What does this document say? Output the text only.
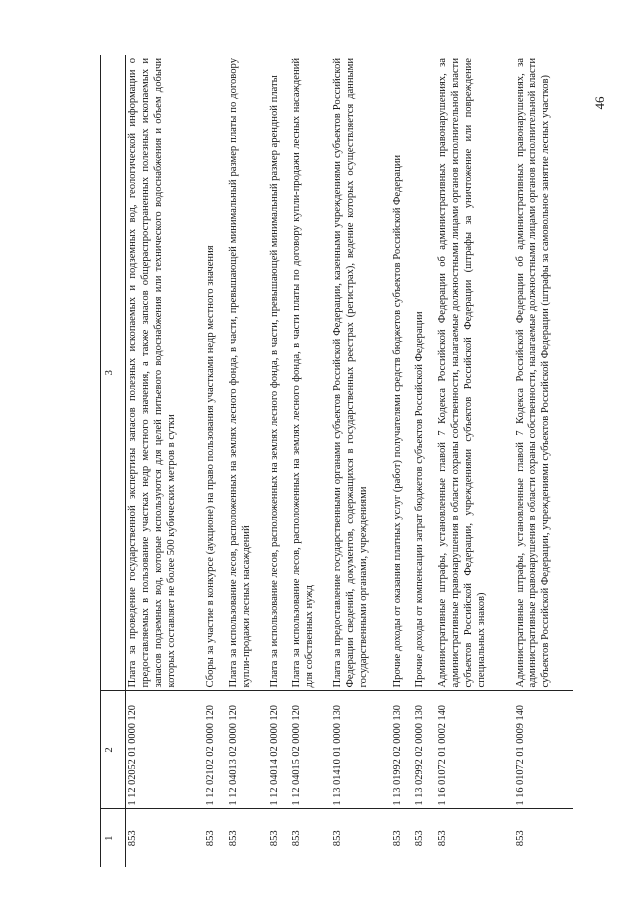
46
1	2	3
853	1 12 02052 01 0000 120	Плата за проведение государственной экспертизы запасов полезных ископаемых и подземных вод, геологической информации о предоставляемых в пользование участках недр местного значения, а также запасов общераспространенных полезных ископаемых и запасов подземных вод, которые используются для целей питьевого водоснабжения или технического водоснабжения и объем добычи которых составляет не более 500 кубических метров в сутки
853	1 12 02102 02 0000 120	Сборы за участие в конкурсе (аукционе) на право пользования участками недр местного значения
853	1 12 04013 02 0000 120	Плата за использование лесов, расположенных на землях лесного фонда, в части, превышающей минимальный размер платы по договору купли-продажи лесных насаждений
853	1 12 04014 02 0000 120	Плата за использование лесов, расположенных на землях лесного фонда, в части, превышающей минимальный размер арендной платы
853	1 12 04015 02 0000 120	Плата за использование лесов, расположенных на землях лесного фонда, в части платы по договору купли-продажи лесных насаждений для собственных нужд
853	1 13 01410 01 0000 130	Плата за предоставление государственными органами субъектов Российской Федерации, казенными учреждениями субъектов Российской Федерации сведений, документов, содержащихся в государственных реестрах (регистрах), ведение которых осуществляется данными государственными органами, учреждениями
853	1 13 01992 02 0000 130	Прочие доходы от оказания платных услуг (работ) получателями средств бюджетов субъектов Российской Федерации
853	1 13 02992 02 0000 130	Прочие доходы от компенсации затрат бюджетов субъектов Российской Федерации
853	1 16 01072 01 0002 140	Административные штрафы, установленные главой 7 Кодекса Российской Федерации об административных правонарушениях, за административные правонарушения в области охраны собственности, налагаемые должностными лицами органов исполнительной власти субъектов Российской Федерации, учреждениями субъектов Российской Федерации (штрафы за уничтожение или повреждение специальных знаков)
853	1 16 01072 01 0009 140	Административные штрафы, установленные главой 7 Кодекса Российской Федерации об административных правонарушениях, за административные правонарушения в области охраны собственности, налагаемые должностными лицами органов исполнительной власти субъектов Российской Федерации, учреждениями субъектов Российской Федерации (штрафы за самовольное занятие лесных участков)
